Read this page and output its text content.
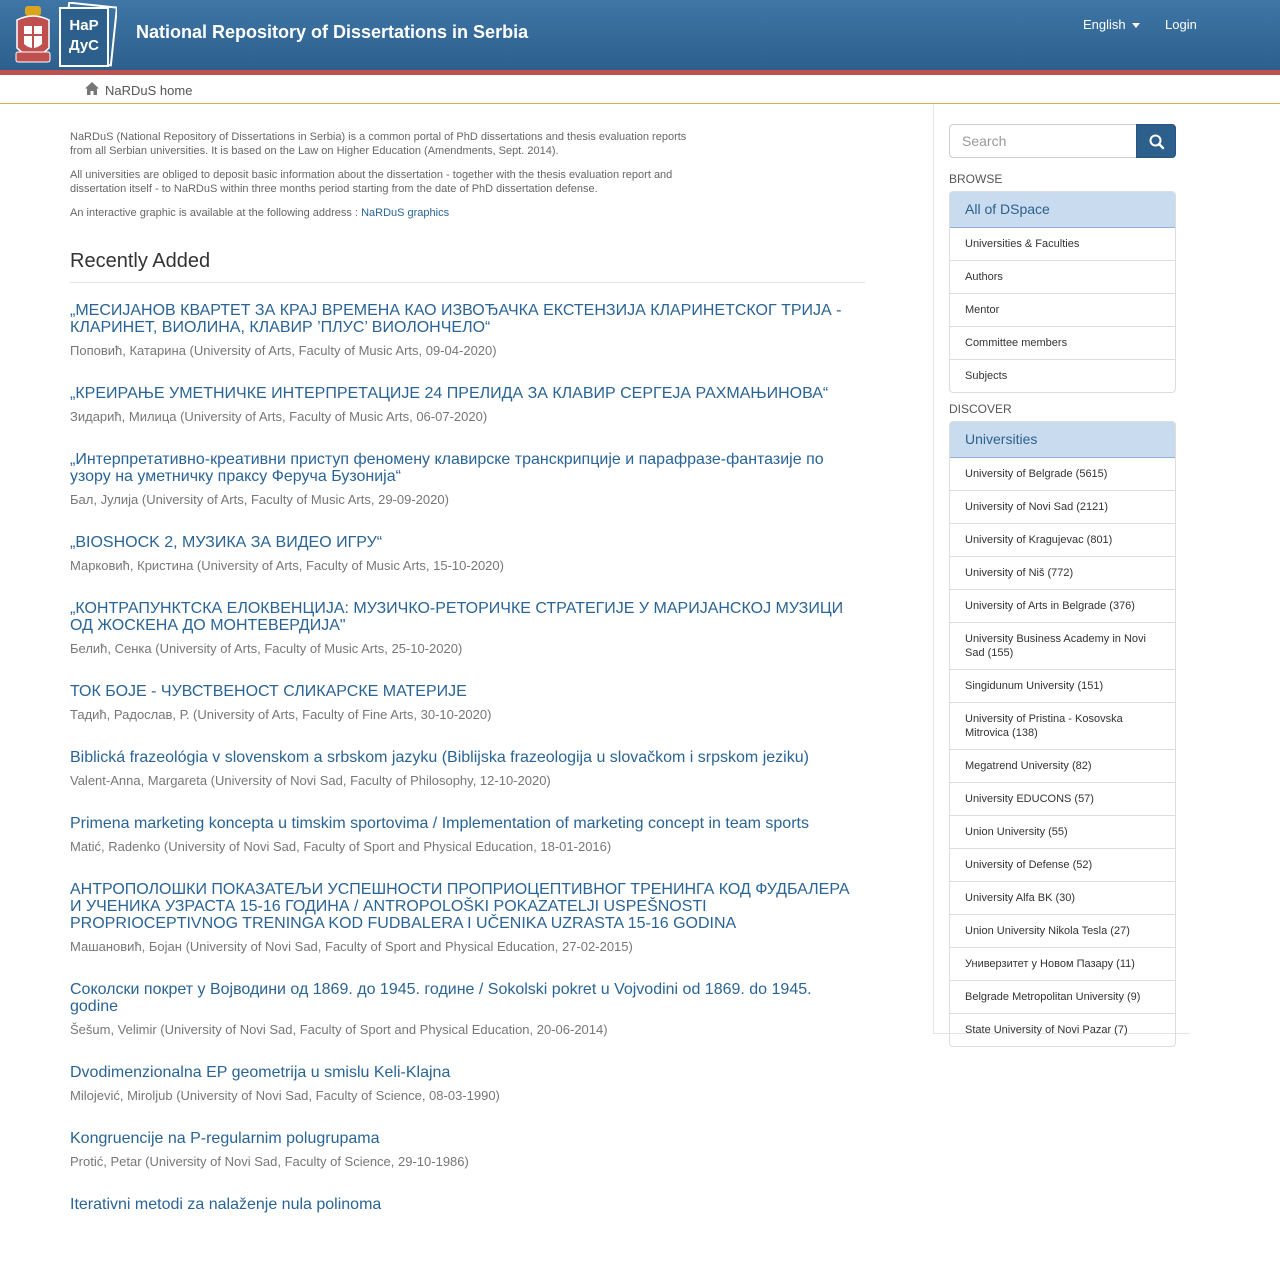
НаР
ДуС
National Repository of Dissertations in Serbia	English	Login
NaRDuS home

NaRDuS (National Repository of Dissertations in Serbia) is a common portal of PhD dissertations and thesis evaluation reports from all Serbian universities. It is based on the Law on Higher Education (Amendments, Sept. 2014).

All universities are obliged to deposit basic information about the dissertation - together with the thesis evaluation report and dissertation itself - to NaRDuS within three months period starting from the date of PhD dissertation defense.

An interactive graphic is available at the following address : NaRDuS graphics

Recently Added
„МЕСИЈАНОВ КВАРТЕТ ЗА КРАЈ ВРЕМЕНА КАО ИЗВОЂАЧКА ЕКСТЕНЗИЈА КЛАРИНЕТСКОГ ТРИЈА - КЛАРИНЕТ, ВИОЛИНА, КЛАВИР ’ПЛУС’ ВИОЛОНЧЕЛО“
Поповић, Катарина (University of Arts, Faculty of Music Arts, 09-04-2020)
„КРЕИРАЊЕ УМЕТНИЧКЕ ИНТЕРПРЕТАЦИЈЕ 24 ПРЕЛИДА ЗА КЛАВИР СЕРГЕЈА РАХМАЊИНОВА“
Зидарић, Милица (University of Arts, Faculty of Music Arts, 06-07-2020)
„Интерпретативно-креативни приступ феномену клавирске транскрипције и парафразе-фантазије по узору на уметничку праксу Феруча Бузонија“
Бал, Јулија (University of Arts, Faculty of Music Arts, 29-09-2020)
„BIOSHOCK 2, МУЗИКА ЗА ВИДЕО ИГРУ“
Марковић, Кристина (University of Arts, Faculty of Music Arts, 15-10-2020)
„КОНТРАПУНКТСКА ЕЛОКВЕНЦИЈА: МУЗИЧКО-РЕТОРИЧКЕ СТРАТЕГИЈЕ У МАРИЈАНСКОЈ МУЗИЦИ ОД ЖОСКЕНА ДО МОНТЕВЕРДИЈА"
Белић, Сенка (University of Arts, Faculty of Music Arts, 25-10-2020)
ТОК БОЈЕ - ЧУВСТВЕНОСТ СЛИКАРСКЕ МАТЕРИЈЕ
Тадић, Радослав, Р. (University of Arts, Faculty of Fine Arts, 30-10-2020)
Biblická frazeológia v slovenskom a srbskom jazyku (Biblijska frazeologija u slovačkom i srpskom jeziku)
Valent-Anna, Margareta (University of Novi Sad, Faculty of Philosophy, 12-10-2020)
Primena marketing koncepta u timskim sportovima / Implementation of marketing concept in team sports
Matić, Radenko (University of Novi Sad, Faculty of Sport and Physical Education, 18-01-2016)
АНТРОПОЛОШКИ ПОКАЗАТЕЉИ УСПЕШНОСТИ ПРОПРИОЦЕПТИВНОГ ТРЕНИНГА КОД ФУДБАЛЕРА И УЧЕНИКА УЗРАСТА 15-16 ГОДИНА / ANTROPOLOŠKI POKAZATELJI USPEŠNOSTI PROPRIOCEPTIVNOG TRENINGA KOD FUDBALERA I UČENIKA UZRASTA 15-16 GODINA
Машановић, Бојан (University of Novi Sad, Faculty of Sport and Physical Education, 27-02-2015)
Соколски покрет у Војводини од 1869. до 1945. године / Sokolski pokret u Vojvodini od 1869. do 1945. godine
Šešum, Velimir (University of Novi Sad, Faculty of Sport and Physical Education, 20-06-2014)
Dvodimenzionalna EP geometrija u smislu Keli-Klajna
Milojević, Miroljub (University of Novi Sad, Faculty of Science, 08-03-1990)
Kongruencije na P-regularnim polugrupama
Protić, Petar (University of Novi Sad, Faculty of Science, 29-10-1986)
Iterativni metodi za nalaženje nula polinoma
Search
BROWSE
All of DSpace
Universities & Faculties
Authors
Mentor
Committee members
Subjects
DISCOVER
Universities
University of Belgrade (5615)
University of Novi Sad (2121)
University of Kragujevac (801)
University of Niš (772)
University of Arts in Belgrade (376)
University Business Academy in Novi Sad (155)
Singidunum University (151)
University of Pristina - Kosovska Mitrovica (138)
Megatrend University (82)
University EDUCONS (57)
Union University (55)
University of Defense (52)
University Alfa BK (30)
Union University Nikola Tesla (27)
Универзитет у Новом Пазару (11)
Belgrade Metropolitan University (9)
State University of Novi Pazar (7)
